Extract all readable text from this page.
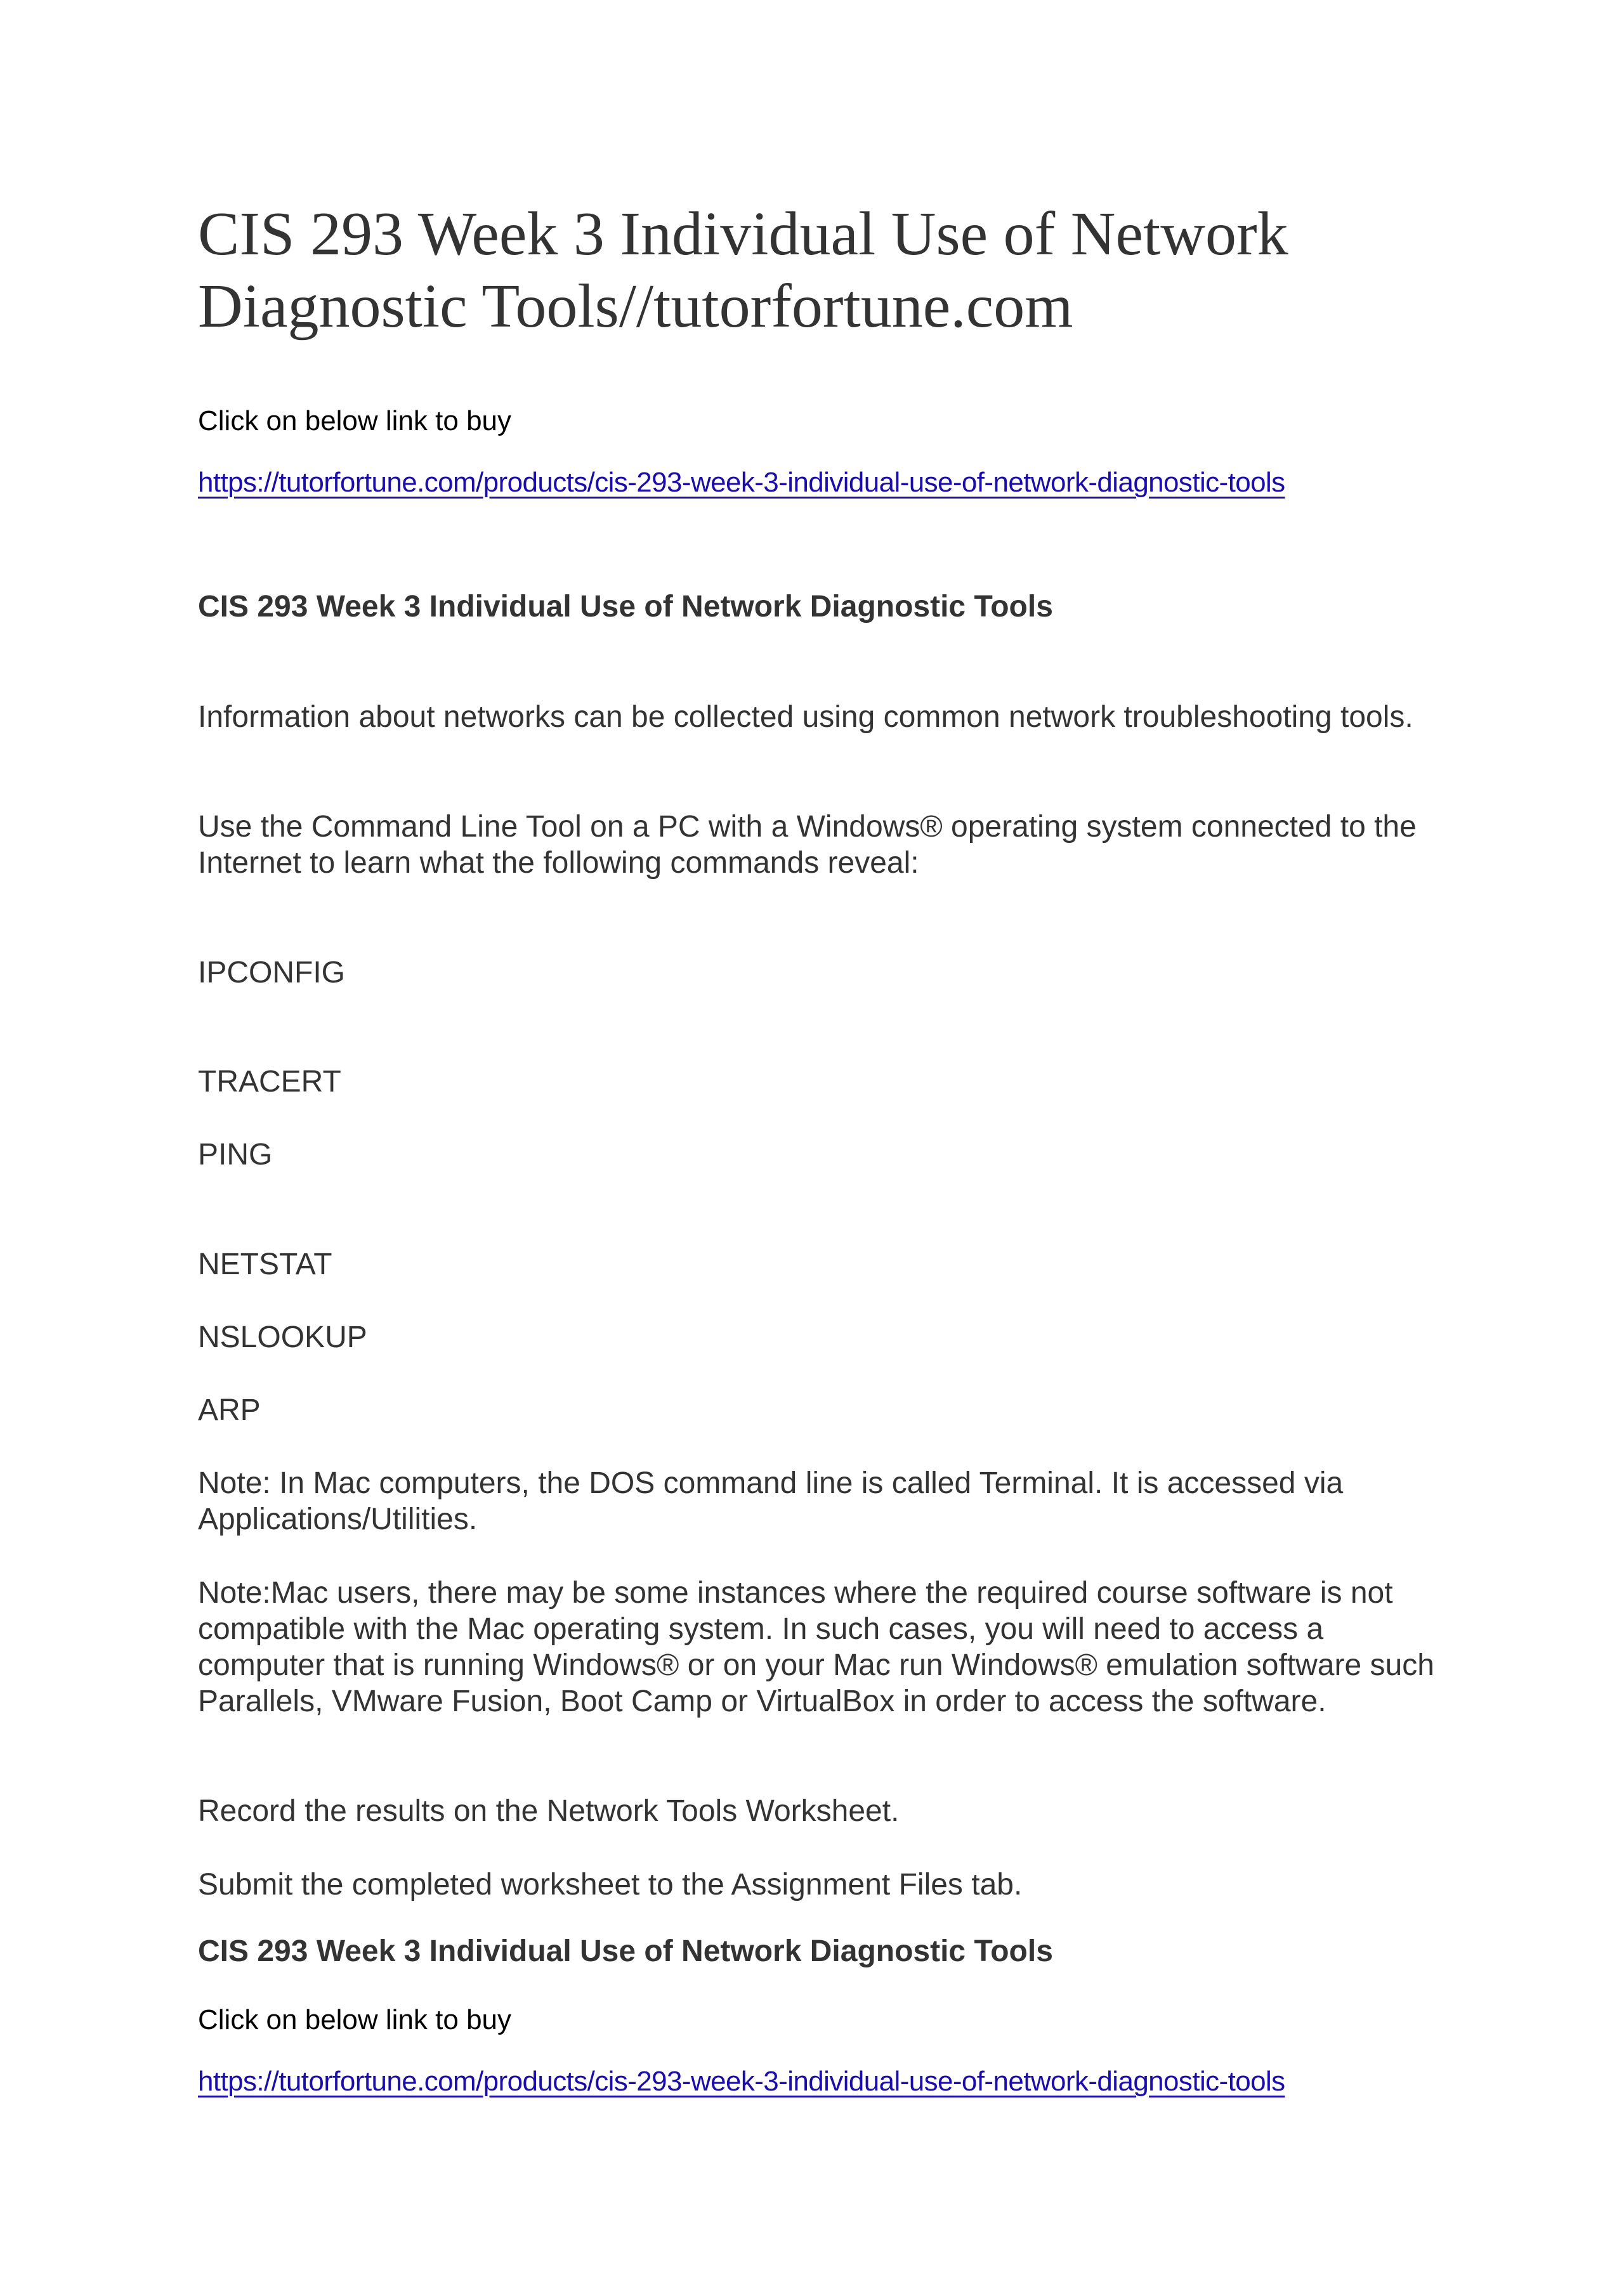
CIS 293 Week 3 Individual Use of Network Diagnostic Tools//tutorfortune.com

Click on below link to buy

https://tutorfortune.com/products/cis-293-week-3-individual-use-of-network-diagnostic-tools

CIS 293 Week 3 Individual Use of Network Diagnostic Tools

Information about networks can be collected using common network troubleshooting tools.

Use the Command Line Tool on a PC with a Windows® operating system connected to the Internet to learn what the following commands reveal:

IPCONFIG

TRACERT

PING

NETSTAT

NSLOOKUP

ARP

Note: In Mac computers, the DOS command line is called Terminal. It is accessed via Applications/Utilities.

Note:Mac users, there may be some instances where the required course software is not compatible with the Mac operating system. In such cases, you will need to access a computer that is running Windows® or on your Mac run Windows® emulation software such Parallels, VMware Fusion, Boot Camp or VirtualBox in order to access the software.

Record the results on the Network Tools Worksheet.

Submit the completed worksheet to the Assignment Files tab.

CIS 293 Week 3 Individual Use of Network Diagnostic Tools

Click on below link to buy

https://tutorfortune.com/products/cis-293-week-3-individual-use-of-network-diagnostic-tools
